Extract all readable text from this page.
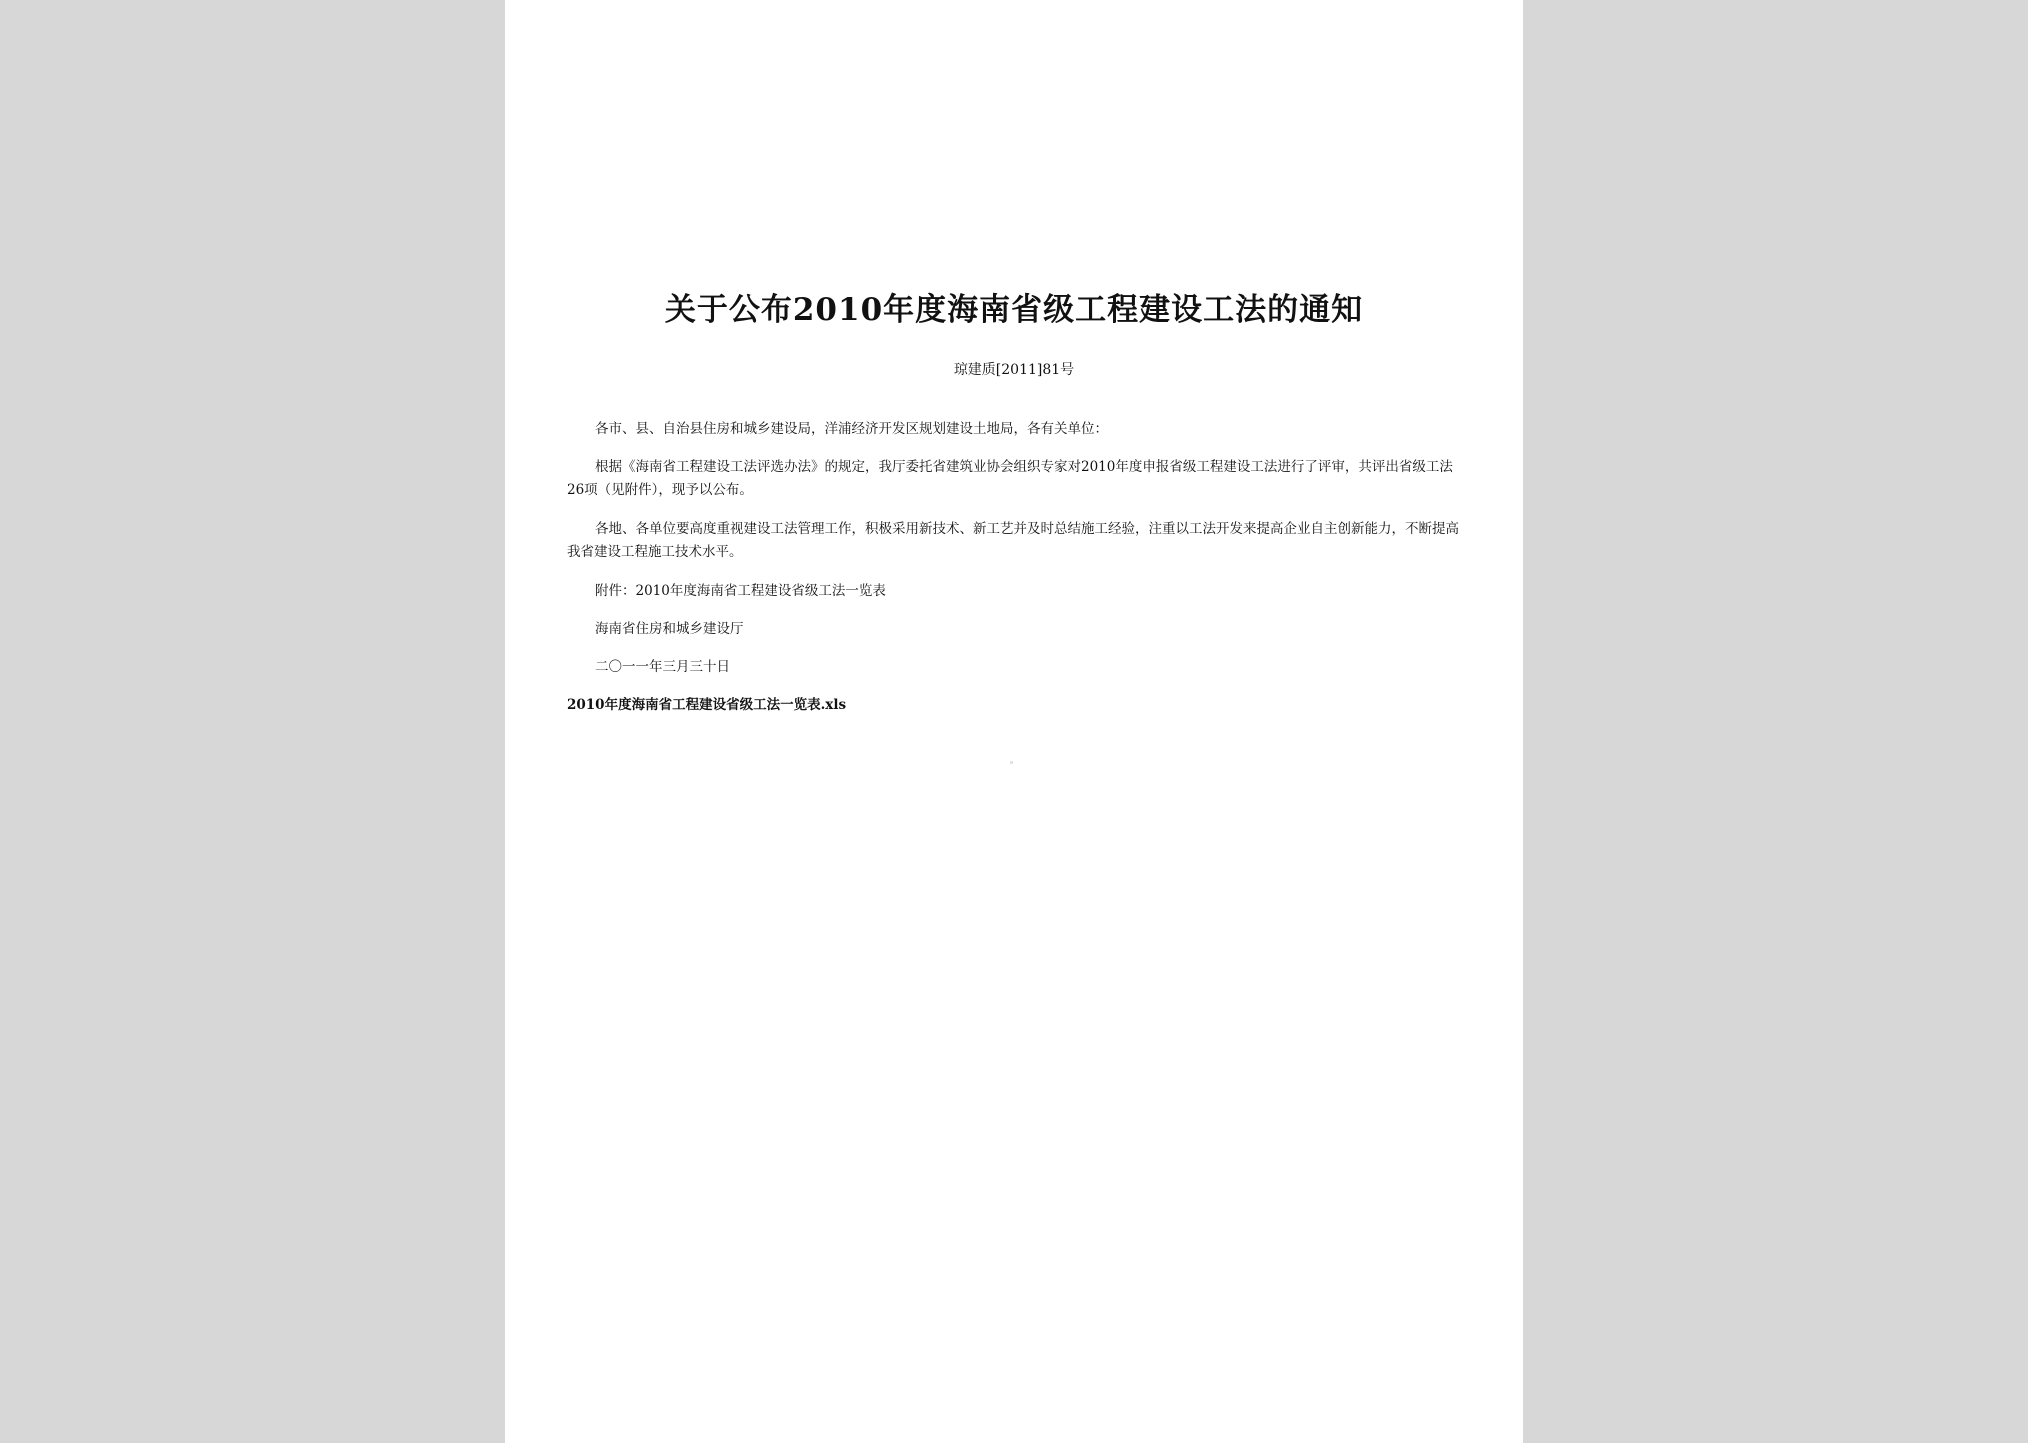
关于公布2010年度海南省级工程建设工法的通知
琼建质[2011]81号

各市、县、自治县住房和城乡建设局，洋浦经济开发区规划建设土地局，各有关单位：

根据《海南省工程建设工法评选办法》的规定，我厅委托省建筑业协会组织专家对2010年度申报省级工程建设工法进行了评审，共评出省级工法26项（见附件），现予以公布。

各地、各单位要高度重视建设工法管理工作，积极采用新技术、新工艺并及时总结施工经验，注重以工法开发来提高企业自主创新能力，不断提高我省建设工程施工技术水平。

附件：2010年度海南省工程建设省级工法一览表

海南省住房和城乡建设厅

二〇一一年三月三十日

2010年度海南省工程建设省级工法一览表.xls
